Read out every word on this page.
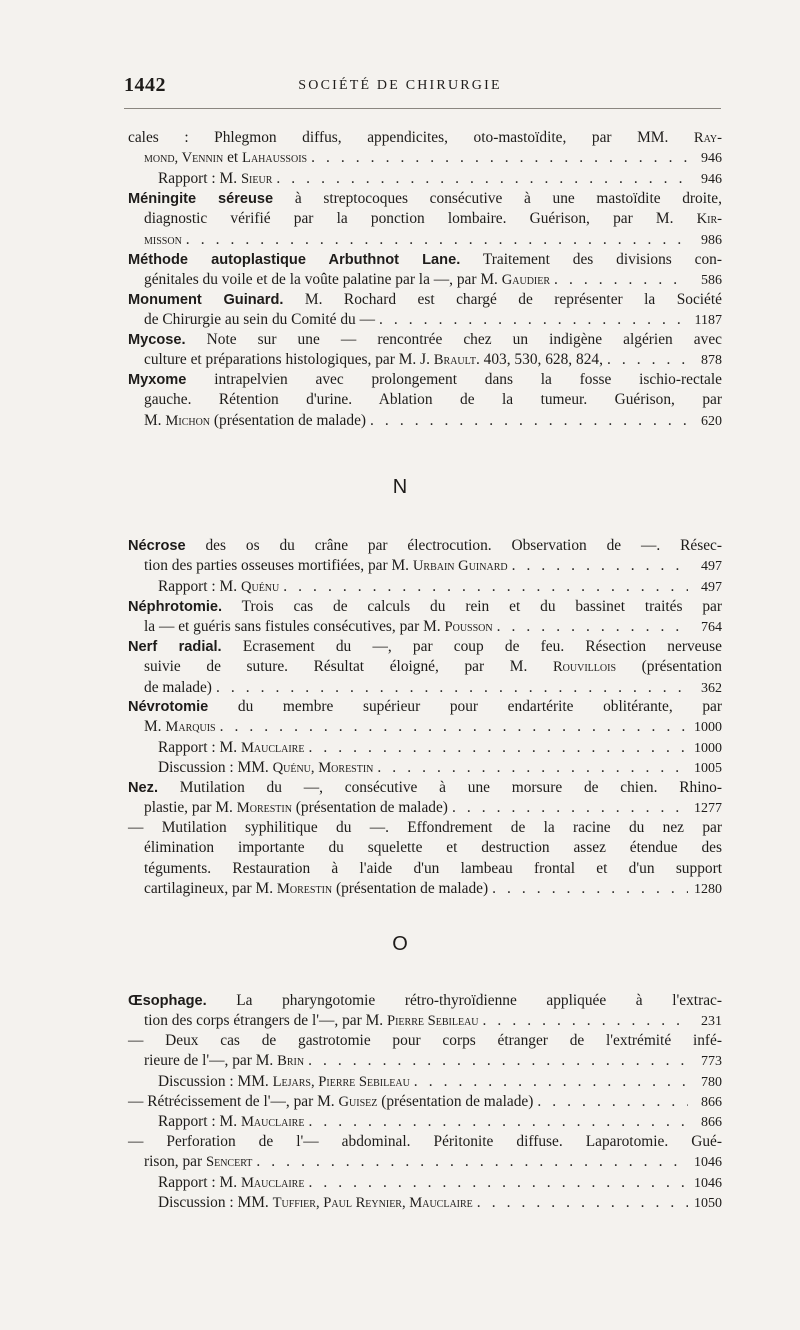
1442	SOCIÉTÉ DE CHIRURGIE
cales : Phlegmon diffus, appendicites, oto-mastoïdite, par MM. Ray-
mond, Vennin et Lahaussois . . .	946
Rapport : M. Sieur . . .	946
Méningite séreuse à streptocoques consécutive à une mastoïdite droite,
diagnostic vérifié par la ponction lombaire. Guérison, par M. Kir-
misson . . .	986
Méthode autoplastique Arbuthnot Lane. Traitement des divisions con-
génitales du voile et de la voûte palatine par la —, par M. Gaudier . . .	586
Monument Guinard. M. Rochard est chargé de représenter la Société
de Chirurgie au sein du Comité du — . . .	1187
Mycose. Note sur une — rencontrée chez un indigène algérien avec
culture et préparations histologiques, par M. J. Brault. 403, 530, 628, 824, . . .	878
Myxome intrapelvien avec prolongement dans la fosse ischio-rectale
gauche. Rétention d'urine. Ablation de la tumeur. Guérison, par
M. Michon (présentation de malade) . . .	620
N
Nécrose des os du crâne par électrocution. Observation de —. Résec-
tion des parties osseuses mortifiées, par M. Urbain Guinard . . .	497
Rapport : M. Quénu . . .	497
Néphrotomie. Trois cas de calculs du rein et du bassinet traités par
la — et guéris sans fistules consécutives, par M. Pousson . . .	764
Nerf radial. Ecrasement du —, par coup de feu. Résection nerveuse
suivie de suture. Résultat éloigné, par M. Rouvillois (présentation
de malade) . . .	362
Névrotomie du membre supérieur pour endartérite oblitérante, par
M. Marquis . . .	1000
Rapport : M. Mauclaire . . .	1000
Discussion : MM. Quénu, Morestin . . .	1005
Nez. Mutilation du —, consécutive à une morsure de chien. Rhino-
plastie, par M. Morestin (présentation de malade) . . .	1277
— Mutilation syphilitique du —. Effondrement de la racine du nez par
élimination importante du squelette et destruction assez étendue des
téguments. Restauration à l'aide d'un lambeau frontal et d'un support
cartilagineux, par M. Morestin (présentation de malade) . . .	1280
O
Œsophage. La pharyngotomie rétro-thyroïdienne appliquée à l'extrac-
tion des corps étrangers de l'—, par M. Pierre Sebileau . . .	231
— Deux cas de gastrotomie pour corps étranger de l'extrémité infé-
rieure de l'—, par M. Brin . . .	773
Discussion : MM. Lejars, Pierre Sebileau . . .	780
— Rétrécissement de l'—, par M. Guisez (présentation de malade) . . .	866
Rapport : M. Mauclaire . . .	866
— Perforation de l'— abdominal. Péritonite diffuse. Laparotomie. Gué-
rison, par Sencert . . .	1046
Rapport : M. Mauclaire . . .	1046
Discussion : MM. Tuffier, Paul Reynier, Mauclaire . . .	1050
